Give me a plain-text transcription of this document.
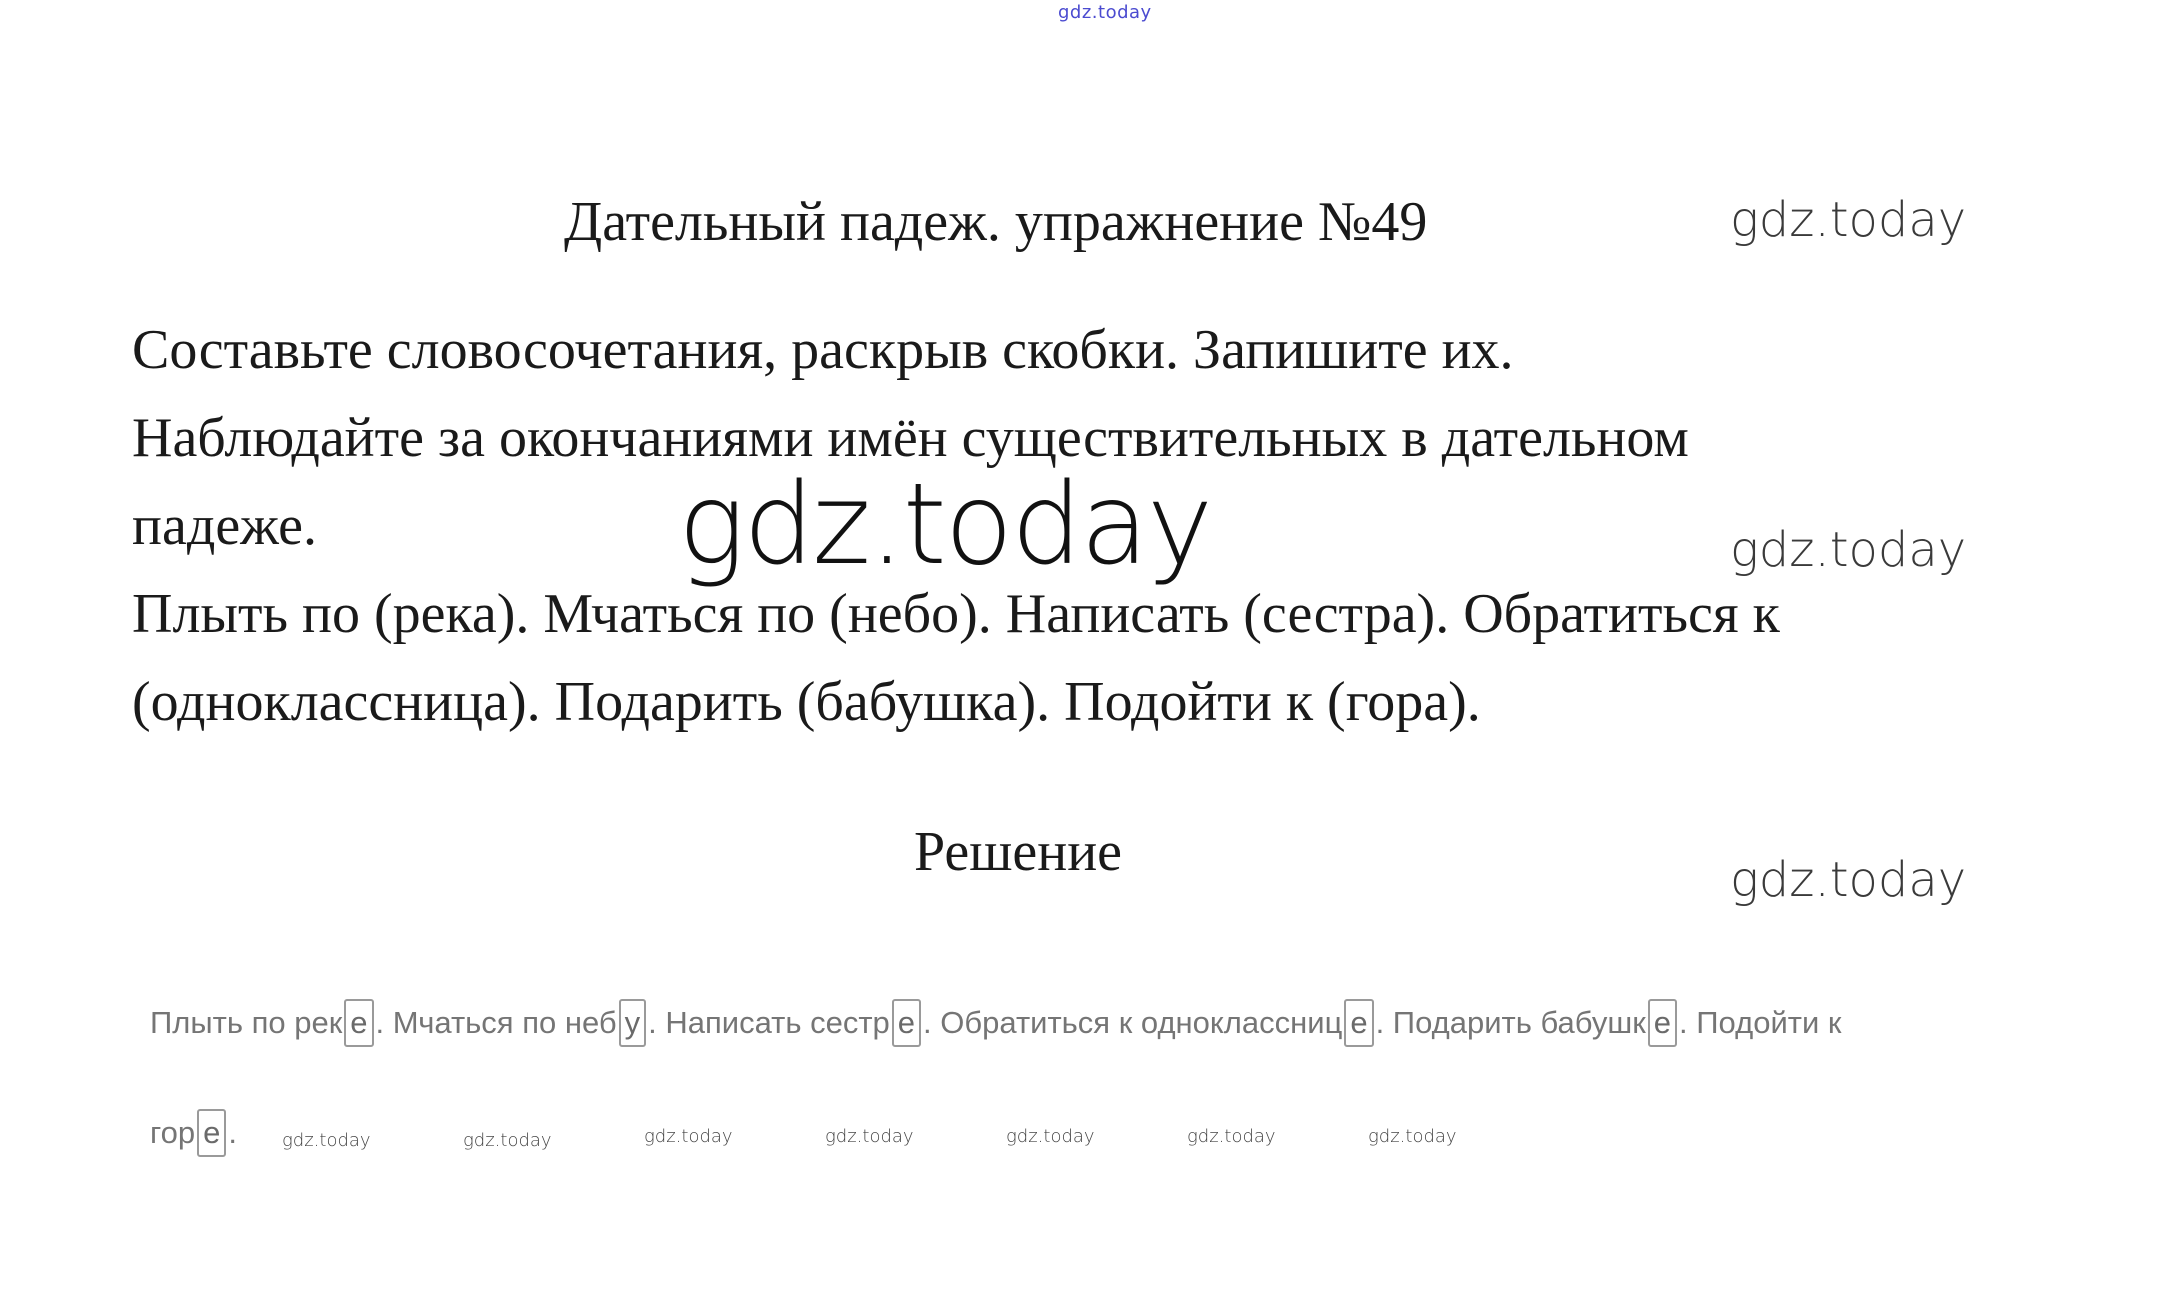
gdz.today
Дательный падеж. упражнение №49	gdz.today
Составьте словосочетания, раскрыв скобки. Запишите их.
Наблюдайте за окончаниями имён существительных в дательном
падеже.
Плыть по (река). Мчаться по (небо). Написать (сестра). Обратиться к
(одноклассница). Подарить (бабушка). Подойти к (гора).
gdz.today	gdz.today
Решение	gdz.today
Плыть по рек е . Мчаться по неб у . Написать сестр е . Обратиться к одноклассниц е . Подарить бабушк е . Подойти к
гор е .	gdz.today	gdz.today	gdz.today	gdz.today	gdz.today	gdz.today	gdz.today
